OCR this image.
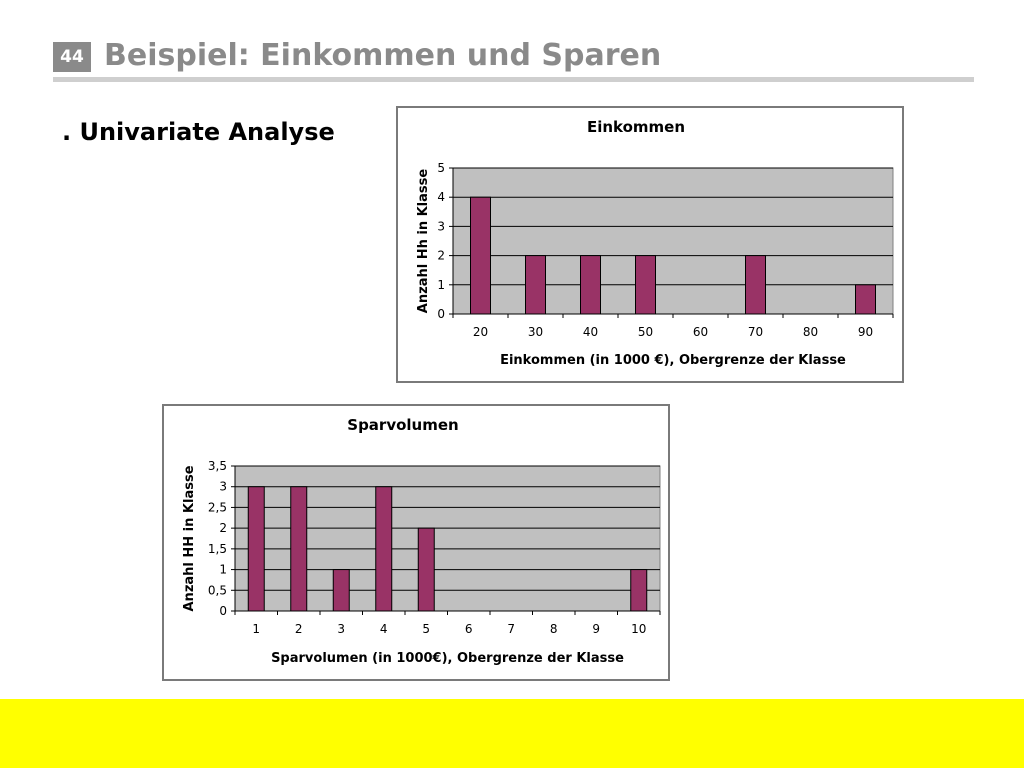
44 Beispiel: Einkommen und Sparen
. Univariate Analyse	Einkommen
0
1
2
3
4
5
20	30	40	50	60	70	80	90
Einkommen (in 1000 €), Obergrenze der Klasse
Anzahl Hh in Klasse
Sparvolumen
0
0,5
1
1,5
2
2,5
3
3,5
1	2	3	4	5	6	7	8	9	10
Sparvolumen (in 1000€), Obergrenze der Klasse
Anzahl HH in Klasse
